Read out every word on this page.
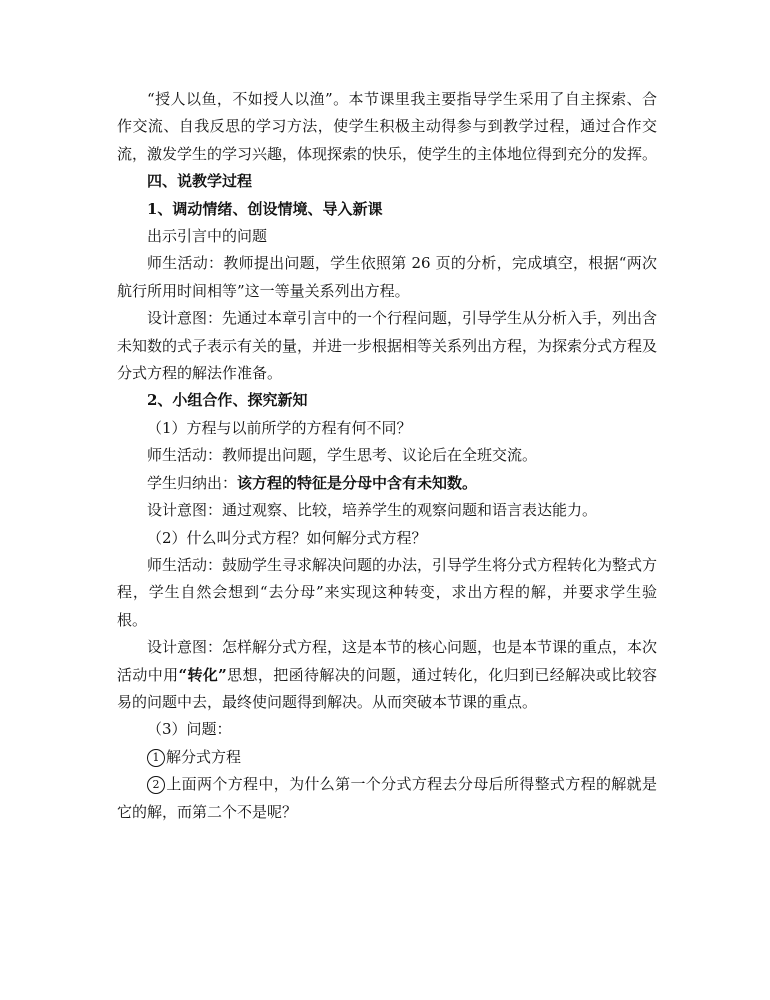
“授人以鱼，不如授人以渔”。本节课里我主要指导学生采用了自主探索、合作交流、自我反思的学习方法，使学生积极主动得参与到教学过程，通过合作交流，激发学生的学习兴趣，体现探索的快乐，使学生的主体地位得到充分的发挥。

四、说教学过程

1、调动情绪、创设情境、导入新课

出示引言中的问题

师生活动：教师提出问题，学生依照第 26 页的分析，完成填空，根据“两次航行所用时间相等”这一等量关系列出方程。

设计意图：先通过本章引言中的一个行程问题，引导学生从分析入手，列出含未知数的式子表示有关的量，并进一步根据相等关系列出方程，为探索分式方程及分式方程的解法作准备。

2、小组合作、探究新知

（1）方程与以前所学的方程有何不同？

师生活动：教师提出问题，学生思考、议论后在全班交流。

学生归纳出：该方程的特征是分母中含有未知数。

设计意图：通过观察、比较，培养学生的观察问题和语言表达能力。

（2）什么叫分式方程？如何解分式方程？

师生活动：鼓励学生寻求解决问题的办法，引导学生将分式方程转化为整式方程，学生自然会想到“去分母”来实现这种转变，求出方程的解，并要求学生验根。

设计意图：怎样解分式方程，这是本节的核心问题，也是本节课的重点，本次活动中用“转化”思想，把函待解决的问题，通过转化，化归到已经解决或比较容易的问题中去，最终使问题得到解决。从而突破本节课的重点。

（3）问题：

1 解分式方程

2 上面两个方程中，为什么第一个分式方程去分母后所得整式方程的解就是它的解，而第二个不是呢？
